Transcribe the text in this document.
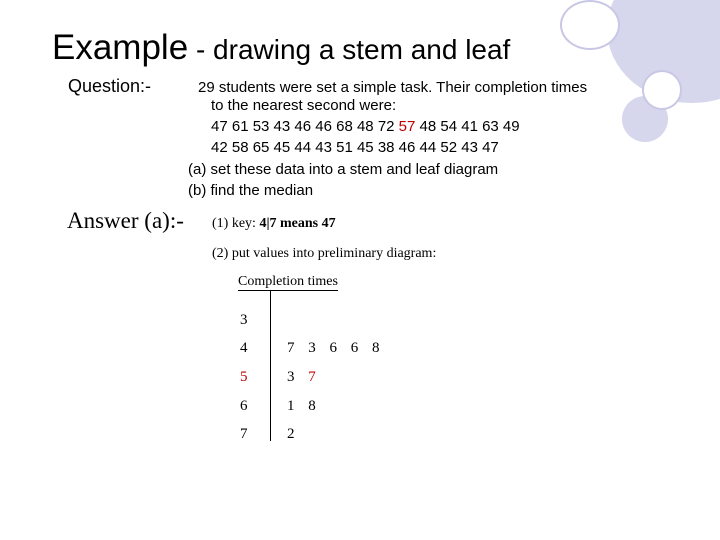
Example - drawing a stem and leaf
Question:-	29 students were set a simple task. Their completion times
to the nearest second were:
47 61 53 43 46 46 68 48 72 57 48 54 41 63 49
42 58 65 45 44 43 51 45 38 46 44 52 43 47
(a) set these data into a stem and leaf diagram
(b) find the median
Answer (a):- (1) key: 4|7 means 47
(2) put values into preliminary diagram:
Completion times
3
4	7 3 6 6 8
5	3 7
6	1 8
7	2
